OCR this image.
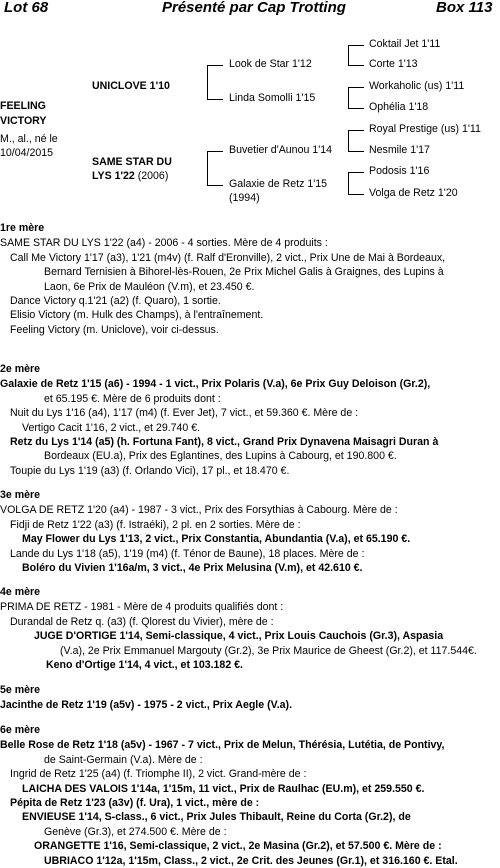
Lot 68	Présenté par Cap Trotting	Box 113
FEELING
VICTORY
M., al., né le
10/04/2015
UNICLOVE 1'10
SAME STAR DU
LYS 1'22 (2006)
Look de Star 1'12
Linda Somolli 1'15
Buvetier d'Aunou 1'14
Galaxie de Retz 1'15
(1994)
Coktail Jet 1'11
Corte 1'13
Workaholic (us) 1'11
Ophélia 1'18
Royal Prestige (us) 1'11
Nesmile 1'17
Podosis 1'16
Volga de Retz 1'20
1re mère
SAME STAR DU LYS 1'22 (a4) - 2006 - 4 sorties. Mère de 4 produits :
Call Me Victory 1'17 (a3), 1'21 (m4v) (f. Ralf d'Eronville), 2 vict., Prix Une de Mai à Bordeaux,
Bernard Ternisien à Bihorel-lès-Rouen, 2e Prix Michel Galis à Graignes, des Lupins à
Laon, 6e Prix de Mauléon (V.m), et 23.450 €.
Dance Victory q.1'21 (a2) (f. Quaro), 1 sortie.
Elisio Victory (m. Hulk des Champs), à l'entraînement.
Feeling Victory (m. Uniclove), voir ci-dessus.
2e mère
Galaxie de Retz 1'15 (a6) - 1994 - 1 vict., Prix Polaris (V.a), 6e Prix Guy Deloison (Gr.2),
et 65.195 €. Mère de 6 produits dont :
Nuit du Lys 1'16 (a4), 1'17 (m4) (f. Ever Jet), 7 vict., et 59.360 €. Mère de :
Vertigo Cacit 1'16, 2 vict., et 29.740 €.
Retz du Lys 1'14 (a5) (h. Fortuna Fant), 8 vict., Grand Prix Dynavena Maisagri Duran à
Bordeaux (EU.a), Prix des Eglantines, des Lupins à Cabourg, et 190.800 €.
Toupie du Lys 1'19 (a3) (f. Orlando Vici), 17 pl., et 18.470 €.
3e mère
VOLGA DE RETZ 1'20 (a4) - 1987 - 3 vict., Prix des Forsythias à Cabourg. Mère de :
Fidji de Retz 1'22 (a3) (f. Istraéki), 2 pl. en 2 sorties. Mère de :
May Flower du Lys 1'13, 2 vict., Prix Constantia, Abundantia (V.a), et 65.190 €.
Lande du Lys 1'18 (a5), 1'19 (m4) (f. Ténor de Baune), 18 places. Mère de :
Boléro du Vivien 1'16a/m, 3 vict., 4e Prix Melusina (V.m), et 42.610 €.
4e mère
PRIMA DE RETZ - 1981 - Mère de 4 produits qualifiés dont :
Durandal de Retz q. (a3) (f. Qlorest du Vivier), mère de :
JUGE D'ORTIGE 1'14, Semi-classique, 4 vict., Prix Louis Cauchois (Gr.3), Aspasia
(V.a), 2e Prix Emmanuel Margouty (Gr.2), 3e Prix Maurice de Gheest (Gr.2), et 117.544€.
Keno d'Ortige 1'14, 4 vict., et 103.182 €.
5e mère
Jacinthe de Retz 1'19 (a5v) - 1975 - 2 vict., Prix Aegle (V.a).
6e mère
Belle Rose de Retz 1'18 (a5v) - 1967 - 7 vict., Prix de Melun, Thérésia, Lutétia, de Pontivy,
de Saint-Germain (V.a). Mère de :
Ingrid de Retz 1'25 (a4) (f. Triomphe II), 2 vict. Grand-mère de :
LAICHA DES VALOIS 1'14a, 1'15m, 11 vict., Prix de Raulhac (EU.m), et 259.550 €.
Pépita de Retz 1'23 (a3v) (f. Ura), 1 vict., mère de :
ENVIEUSE 1'14, S-class., 6 vict., Prix Jules Thibault, Reine du Corta (Gr.2), de
Genève (Gr.3), et 274.500 €. Mère de :
ORANGETTE 1'16, Semi-classique, 2 vict., 2e Masina (Gr.2), et 57.500 €. Mère de :
UBRIACO 1'12a, 1'15m, Class., 2 vict., 2e Crit. des Jeunes (Gr.1), et 316.160 €. Etal.
